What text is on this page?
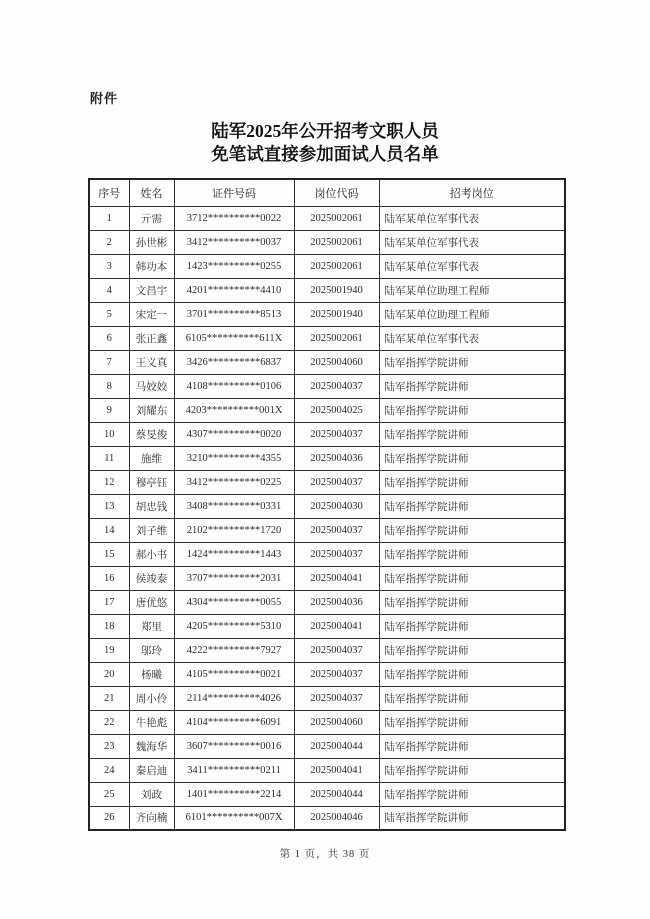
附件
陆军2025年公开招考文职人员
免笔试直接参加面试人员名单
序号	姓名	证件号码	岗位代码	招考岗位
1	亓需	3712**********0022	2025002061	陆军某单位军事代表
2	孙世彬	3412**********0037	2025002061	陆军某单位军事代表
3	韩功本	1423**********0255	2025002061	陆军某单位军事代表
4	文昌宇	4201**********4410	2025001940	陆军某单位助理工程师
5	宋定一	3701**********8513	2025001940	陆军某单位助理工程师
6	张正鑫	6105**********611X	2025002061	陆军某单位军事代表
7	王义真	3426**********6837	2025004060	陆军指挥学院讲师
8	马姣姣	4108**********0106	2025004037	陆军指挥学院讲师
9	刘耀东	4203**********001X	2025004025	陆军指挥学院讲师
10	蔡旻俊	4307**********0020	2025004037	陆军指挥学院讲师
11	施维	3210**********4355	2025004036	陆军指挥学院讲师
12	穆亭钰	3412**********0225	2025004037	陆军指挥学院讲师
13	胡忠钱	3408**********0331	2025004030	陆军指挥学院讲师
14	刘子维	2102**********1720	2025004037	陆军指挥学院讲师
15	郝小书	1424**********1443	2025004037	陆军指挥学院讲师
16	侯竣泰	3707**********2031	2025004041	陆军指挥学院讲师
17	唐优悠	4304**********0055	2025004036	陆军指挥学院讲师
18	郑里	4205**********5310	2025004041	陆军指挥学院讲师
19	邬玲	4222**********7927	2025004037	陆军指挥学院讲师
20	杨曦	4105**********0021	2025004037	陆军指挥学院讲师
21	周小伶	2114**********4026	2025004037	陆军指挥学院讲师
22	牛艳彪	4104**********6091	2025004060	陆军指挥学院讲师
23	魏海华	3607**********0016	2025004044	陆军指挥学院讲师
24	秦启迪	3411**********0211	2025004041	陆军指挥学院讲师
25	刘政	1401**********2214	2025004044	陆军指挥学院讲师
26	齐向楠	6101**********007X	2025004046	陆军指挥学院讲师
第 1 页，共 38 页
